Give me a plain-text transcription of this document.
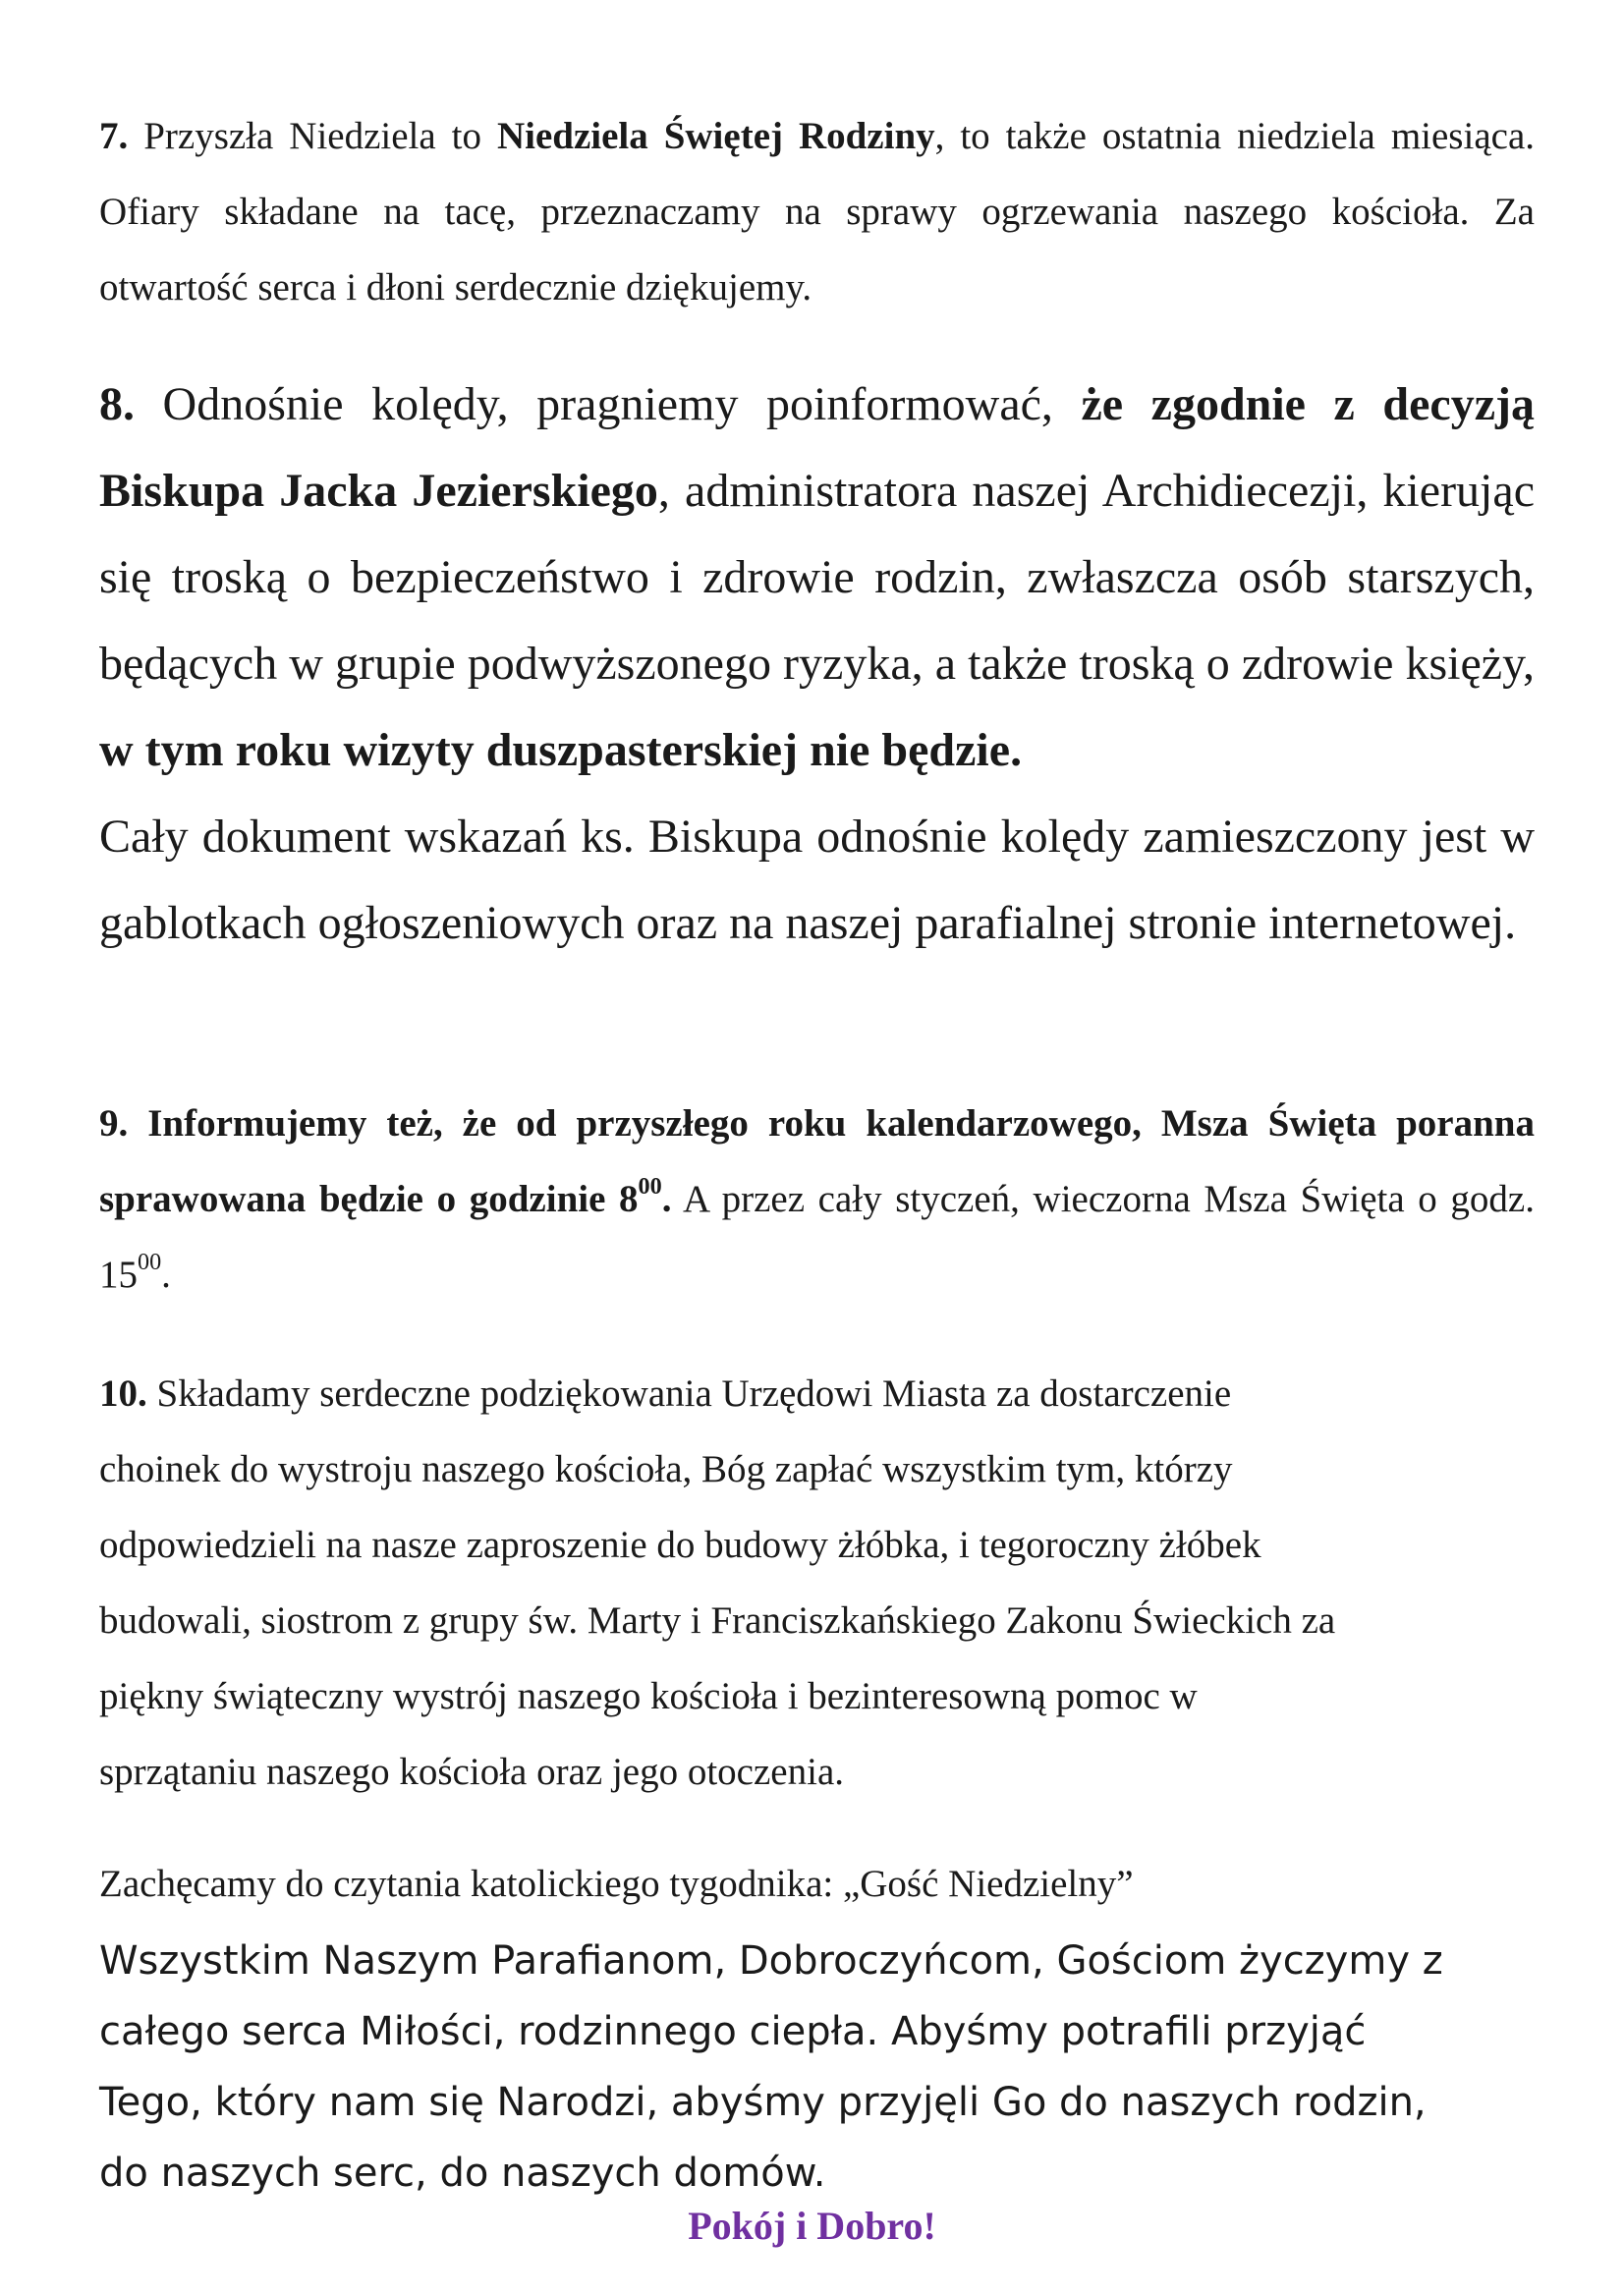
7. Przyszła Niedziela to Niedziela Świętej Rodziny, to także ostatnia niedziela miesiąca. Ofiary składane na tacę, przeznaczamy na sprawy ogrzewania naszego kościoła. Za otwartość serca i dłoni serdecznie dziękujemy.

8. Odnośnie kolędy, pragniemy poinformować, że zgodnie z decyzją Biskupa Jacka Jezierskiego, administratora naszej Archidiecezji, kierując się troską o bezpieczeństwo i zdrowie rodzin, zwłaszcza osób starszych, będących w grupie podwyższonego ryzyka, a także troską o zdrowie księży, w tym roku wizyty duszpasterskiej nie będzie.
Cały dokument wskazań ks. Biskupa odnośnie kolędy zamieszczony jest w gablotkach ogłoszeniowych oraz na naszej parafialnej stronie internetowej.

9. Informujemy też, że od przyszłego roku kalendarzowego, Msza Święta poranna sprawowana będzie o godzinie $8^{00}$. A przez cały styczeń, wieczorna Msza Święta o godz. $15^{00}$.

10. Składamy serdeczne podziękowania Urzędowi Miasta za dostarczenie
choinek do wystroju naszego kościoła, Bóg zapłać wszystkim tym, którzy
odpowiedzieli na nasze zaproszenie do budowy żłóbka, i tegoroczny żłóbek
budowali, siostrom z grupy św. Marty i Franciszkańskiego Zakonu Świeckich za
piękny świąteczny wystrój naszego kościoła i bezinteresowną pomoc w
sprzątaniu naszego kościoła oraz jego otoczenia.

Zachęcamy do czytania katolickiego tygodnika: „Gość Niedzielny”

Wszystkim Naszym Parafianom, Dobroczyńcom, Gościom życzymy z
całego serca Miłości, rodzinnego ciepła. Abyśmy potrafili przyjąć
Tego, który nam się Narodzi, abyśmy przyjęli Go do naszych rodzin,
do naszych serc, do naszych domów.

Pokój i Dobro!
